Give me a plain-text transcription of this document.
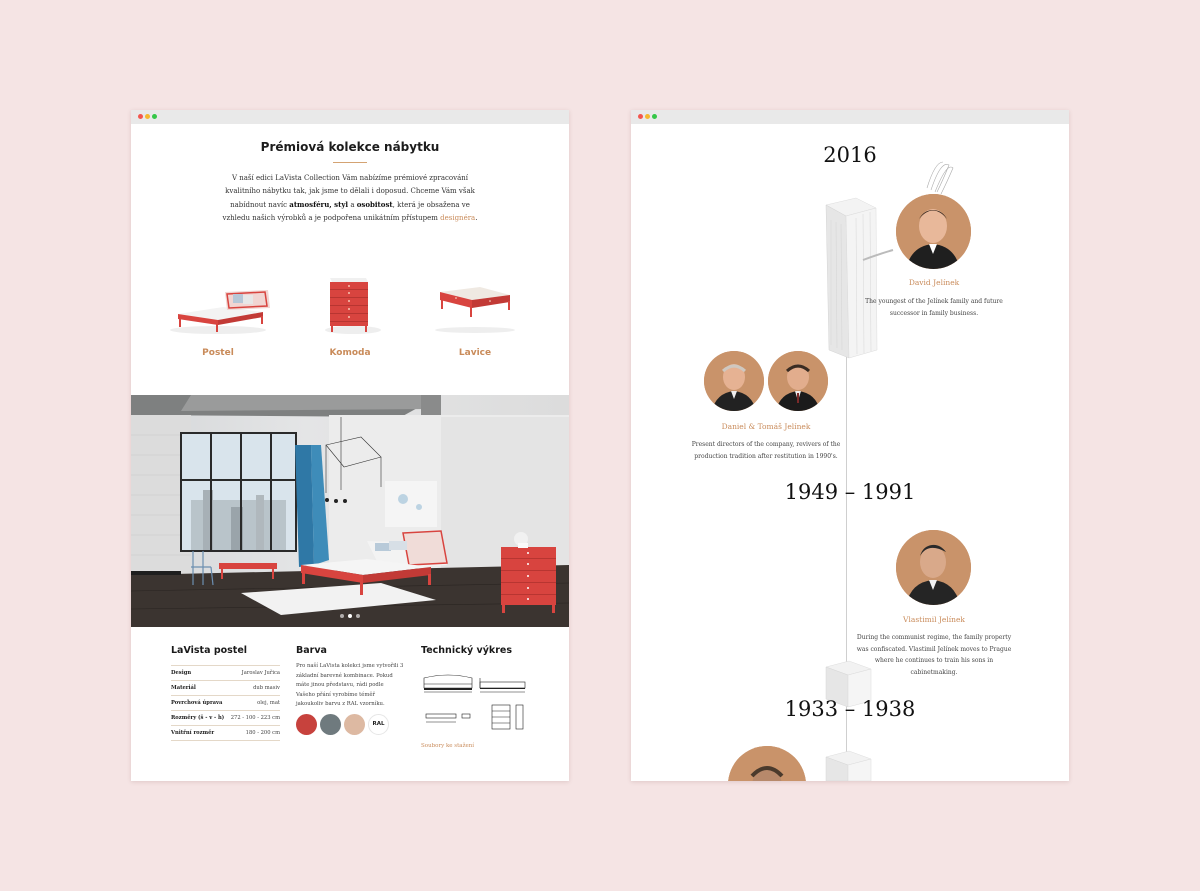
Prémiová kolekce nábytku

V naší edici LaVista Collection Vám nabízíme prémiové zpracování kvalitního nábytku tak, jak jsme to dělali i doposud. Chceme Vám však nabídnout navíc atmosféru, styl a osobitost, která je obsažena ve vzhledu našich výrobků a je podpořena unikátním přístupem designéra.

Postel	Komoda	Lavice
LaVista postel
Design	Jaroslav Juřica
Materiál	dub masiv
Povrchová úprava	olej, mat
Rozměry (š - v - h) 272 - 100 - 223 cm
Vnitřní rozměr	180 - 200 cm
Barva
Pro naší LaVista kolekci jsme vytvořili 3 základní barevné kombinace. Pokud máte jinou představu, rádi podle Vašeho přání vyrobíme téměř jakoukoliv barvu z RAL vzorníku.
RAL
Technický výkres
Soubory ke stažení
2016
1949 – 1991
1933 – 1938
David Jelínek
The youngest of the Jelínek family and future successor in family business.
Daniel & Tomáš Jelínek
Present directors of the company, revivers of the production tradition after restitution in 1990's.
Vlastimil Jelínek
During the communist regime, the family property was confiscated. Vlastimil Jelínek moves to Prague where he continues to train his sons in cabinetmaking.
